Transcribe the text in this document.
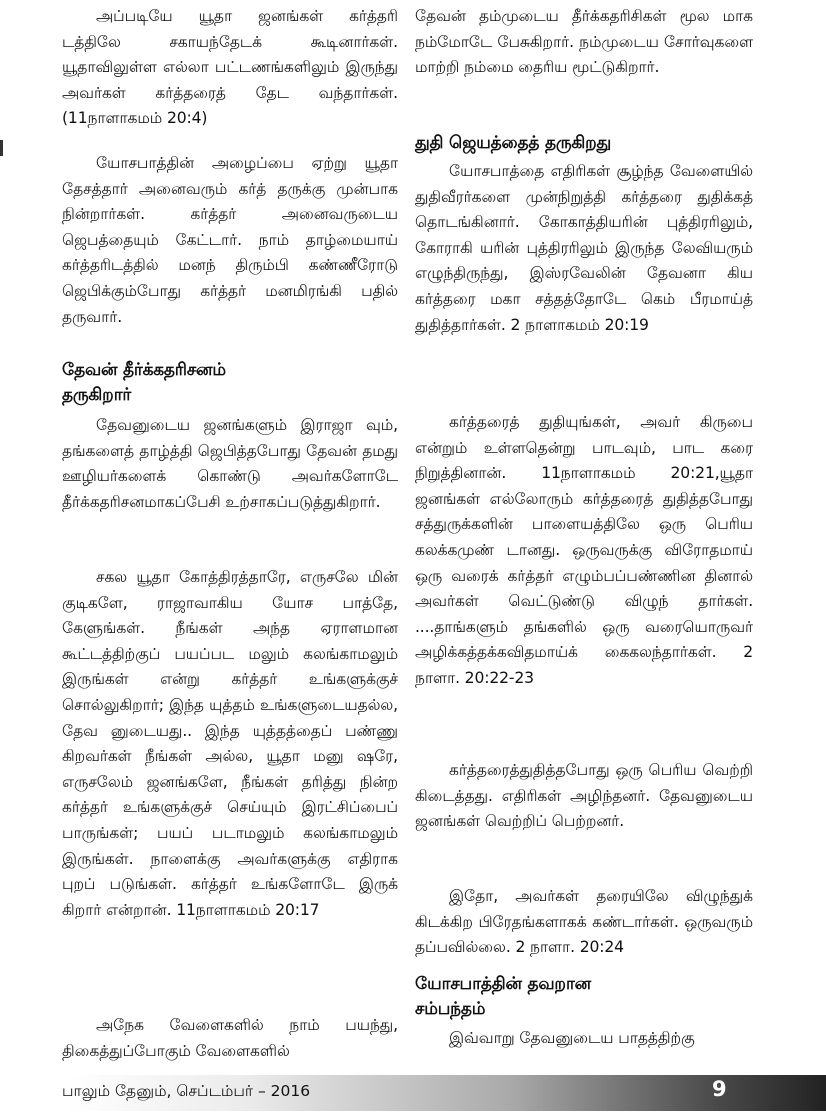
அப்படியே யூதா ஜனங்கள் கர்த்தரி டத்திலே சகாயந்தேடக் கூடினார்கள். யூதாவிலுள்ள எல்லா பட்டணங்களிலும் இருந்து அவர்கள் கர்த்தரைத் தேட வந்தார்கள். (11நாளாகமம் 20:4)

யோசபாத்தின் அழைப்பை ஏற்று யூதா தேசத்தார் அனைவரும் கர்த் தருக்கு முன்பாக நின்றார்கள். கர்த்தர்	அனைவருடைய ஜெபத்தையும் கேட்டார். நாம் தாழ்மையாய் கர்த்தரிடத்தில் மனந் திரும்பி கண்ணீரோடு ஜெபிக்கும்போது கர்த்தர் மனமிரங்கி பதில் தருவார்.

தேவன் தீர்க்கதரிசனம்
தருகிறார்

தேவனுடைய ஜனங்களும் இராஜா வும், தங்களைத் தாழ்த்தி ஜெபித்தபோது தேவன் தமது ஊழியர்களைக் கொண்டு அவர்களோடே தீர்க்கதரிசனமாகப்பேசி உற்சாகப்படுத்துகிறார்.

சகல யூதா கோத்திரத்தாரே, எருசலே மின் குடிகளே, ராஜாவாகிய யோச பாத்தே, கேளுங்கள். நீங்கள் அந்த ஏராளமான கூட்டத்திற்குப் பயப்பட மலும் கலங்காமலும் இருங்கள் என்று கர்த்தர் உங்களுக்குச் சொல்லுகிறார்; இந்த யுத்தம் உங்களுடையதல்ல, தேவ னுடையது.. இந்த யுத்தத்தைப் பண்ணு கிறவர்கள் நீங்கள் அல்ல, யூதா மனு ஷரே, எருசலேம் ஜனங்களே, நீங்கள் தரித்து நின்ற கர்த்தர் உங்களுக்குச் செய்யும் இரட்சிப்பைப் பாருங்கள்; பயப் படாமலும் கலங்காமலும் இருங்கள். நாளைக்கு அவர்களுக்கு எதிராக புறப் படுங்கள். கர்த்தர் உங்களோடே இருக் கிறார் என்றான். 11நாளாகமம் 20:17

அநேக வேளைகளில் நாம் பயந்து, திகைத்துப்போகும் வேளைகளில்

தேவன் தம்முடைய தீர்க்கதரிசிகள் மூல மாக நம்மோடே பேசுகிறார். நம்முடைய சோர்வுகளை மாற்றி நம்மை தைரிய மூட்டுகிறார்.

துதி ஜெயத்தைத் தருகிறது

யோசபாத்தை எதிரிகள் சூழ்ந்த வேளையில் துதிவீரர்களை முன்நிறுத்தி கர்த்தரை துதிக்கத் தொடங்கினார். கோகாத்தியரின் புத்திரரிலும், கோராகி யரின் புத்திரரிலும் இருந்த லேவியரும் எழுந்திருந்து, இஸ்ரவேலின் தேவனா கிய கர்த்தரை மகா சத்தத்தோடே கெம் பீரமாய்த் துதித்தார்கள். 2 நாளாகமம் 20:19

கர்த்தரைத் துதியுங்கள், அவர் கிருபை என்றும் உள்ளதென்று பாடவும், பாட கரை நிறுத்தினான். 11நாளாகமம் 20:21,யூதா ஜனங்கள் எல்லோரும் கர்த்தரைத் துதித்தபோது சத்துருக்களின் பாளையத்திலே ஒரு பெரிய கலக்கமுண் டானது. ஒருவருக்கு விரோதமாய் ஒரு வரைக் கர்த்தர் எழும்பப்பண்ணின தினால் அவர்கள் வெட்டுண்டு விழுந் தார்கள். ....தாங்களும் தங்களில் ஒரு வரையொருவர் அழிக்கத்தக்கவிதமாய்க் கைகலந்தார்கள். 2 நாளா. 20:22-23

கர்த்தரைத்துதித்தபோது ஒரு பெரிய வெற்றி கிடைத்தது. எதிரிகள் அழிந்தனர். தேவனுடைய ஜனங்கள் வெற்றிப் பெற்றனர்.

இதோ, அவர்கள் தரையிலே விழுந்துக் கிடக்கிற பிரேதங்களாகக் கண்டார்கள். ஒருவரும் தப்பவில்லை. 2 நாளா. 20:24

யோசபாத்தின் தவறான
சம்பந்தம்

இவ்வாறு தேவனுடைய பாதத்திற்கு

பாலும் தேனும், செப்டம்பர் – 2016	9
